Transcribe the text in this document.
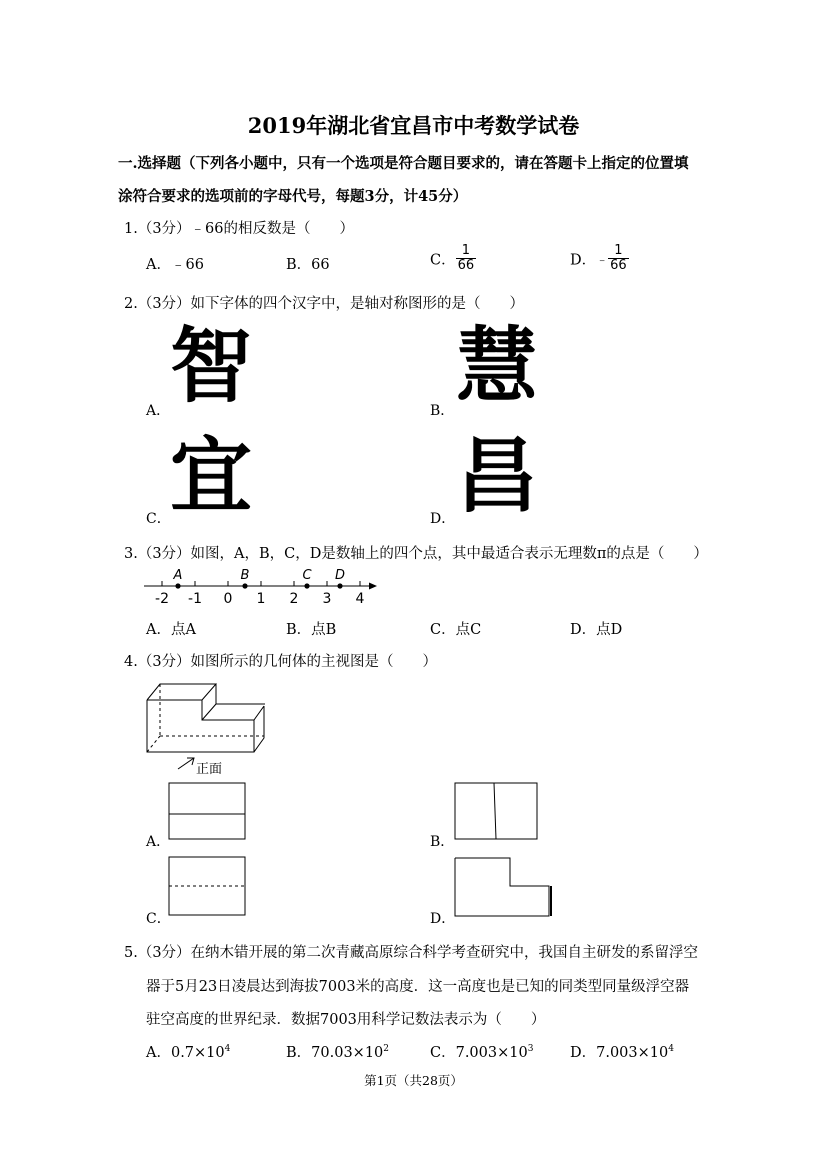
2019年湖北省宜昌市中考数学试卷
一.选择题（下列各小题中，只有一个选项是符合题目要求的，请在答题卡上指定的位置填
涂符合要求的选项前的字母代号，每题3分，计45分）
1.（3分）﹣66的相反数是（　　）
A．﹣66	B．66	C． $\frac{1}{66}$	D．﹣ $\frac{1}{66}$
2.（3分）如下字体的四个汉字中，是轴对称图形的是（　　）
A． 智	B． 慧
C． 宜	D． 昌
3.（3分）如图，A，B，C，D是数轴上的四个点，其中最适合表示无理数π的点是（　　）
-2 -1 0 1 2 3 4
A	B	C D
A．点A	B．点B	C．点C	D．点D
4.（3分）如图所示的几何体的主视图是（　　）
正面
A．	B．
C．	D．
5.（3分）在纳木错开展的第二次青藏高原综合科学考查研究中，我国自主研发的系留浮空
器于5月23日凌晨达到海拔7003米的高度．这一高度也是已知的同类型同量级浮空器
驻空高度的世界纪录．数据7003用科学记数法表示为（　　）
A．$0.7\times 10^4$	B．$70.03\times 10^2$	C．$7.003\times 10^3$	D．$7.003\times 10^4$
第1页（共28页）
